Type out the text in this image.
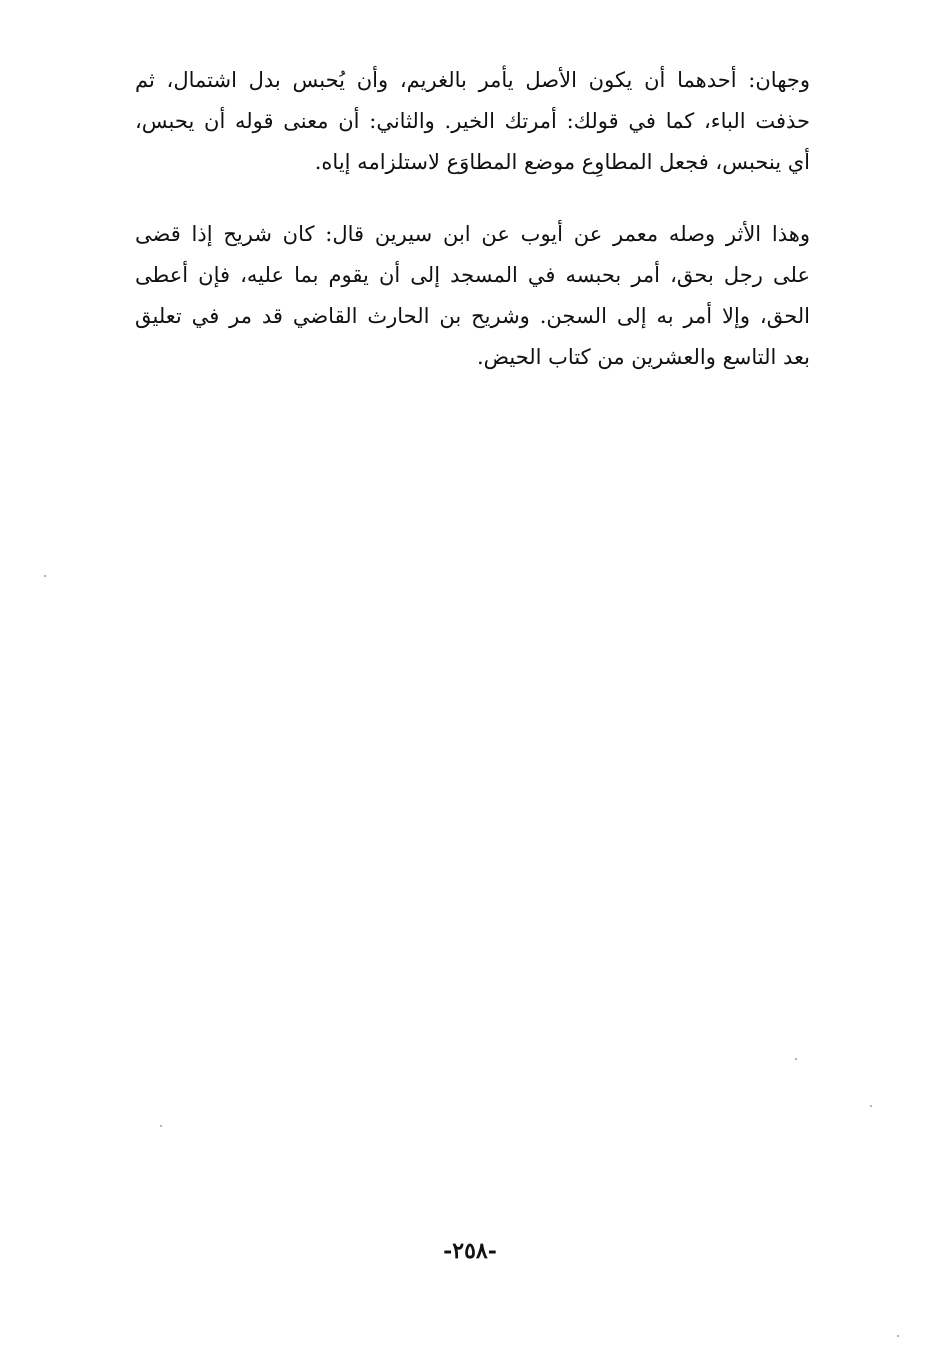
وجهان: أحدهما أن يكون الأصل يأمر بالغريم، وأن يُحبس بدل اشتمال، ثم
حذفت الباء، كما في قولك: أمرتك الخير. والثاني: أن معنى قوله أن يحبس،
أي ينحبس، فجعل المطاوِع موضع المطاوَع لاستلزامه إياه.
وهذا الأثر وصله معمر عن أيوب عن ابن سيرين قال: كان شريح إذا قضى
على رجل بحق، أمر بحبسه في المسجد إلى أن يقوم بما عليه، فإن أعطى
الحق، وإلا أمر به إلى السجن. وشريح بن الحارث القاضي قد مر في تعليق
بعد التاسع والعشرين من كتاب الحيض.
-٢٥٨-
